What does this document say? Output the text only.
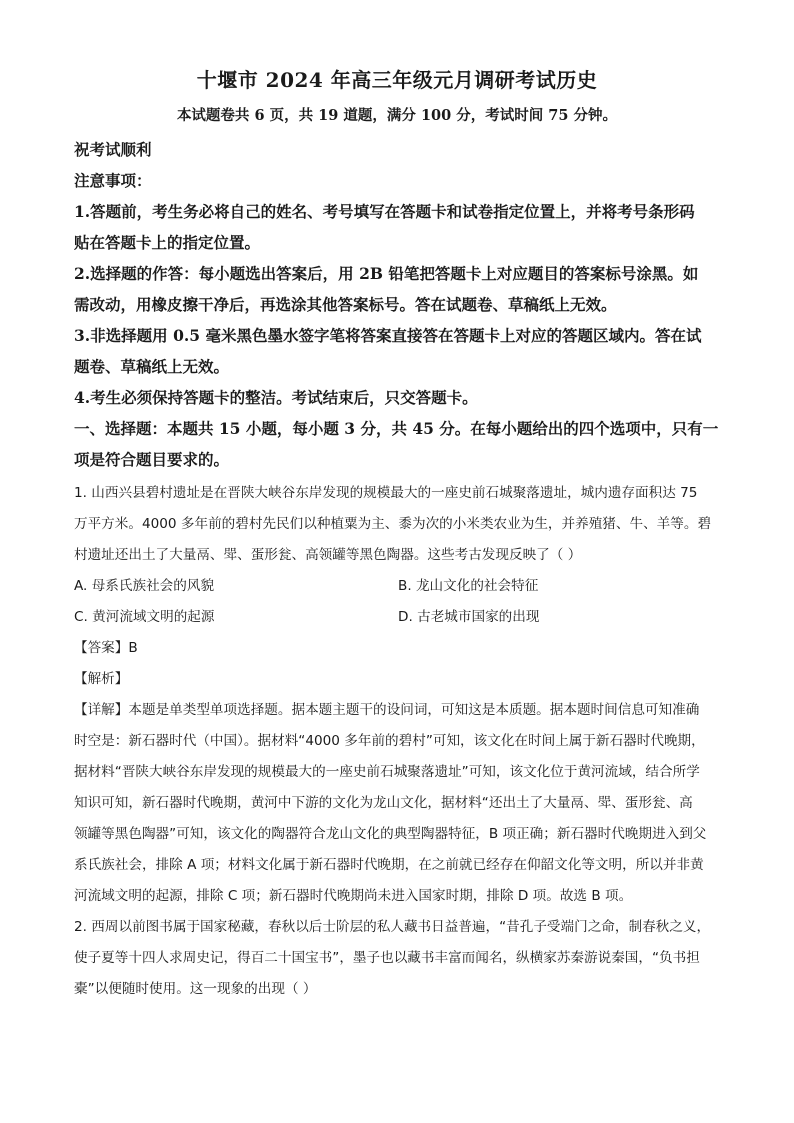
十堰市 2024 年高三年级元月调研考试历史
本试题卷共 6 页，共 19 道题，满分 100 分，考试时间 75 分钟。
祝考试顺利
注意事项：
1.答题前，考生务必将自己的姓名、考号填写在答题卡和试卷指定位置上，并将考号条形码
贴在答题卡上的指定位置。
2.选择题的作答：每小题选出答案后，用 2B 铅笔把答题卡上对应题目的答案标号涂黑。如
需改动，用橡皮擦干净后，再选涂其他答案标号。答在试题卷、草稿纸上无效。
3.非选择题用 0.5 毫米黑色墨水签字笔将答案直接答在答题卡上对应的答题区域内。答在试
题卷、草稿纸上无效。
4.考生必须保持答题卡的整洁。考试结束后，只交答题卡。
一、选择题：本题共 15 小题，每小题 3 分，共 45 分。在每小题给出的四个选项中，只有一
项是符合题目要求的。
1. 山西兴县碧村遗址是在晋陕大峡谷东岸发现的规模最大的一座史前石城聚落遗址，城内遗存面积达 75
万平方米。4000 多年前的碧村先民们以种植粟为主、黍为次的小米类农业为生，并养殖猪、牛、羊等。碧
村遗址还出土了大量鬲、斝、蛋形瓮、高领罐等黑色陶器。这些考古发现反映了（ ）
A. 母系氏族社会的风貌	B. 龙山文化的社会特征
C. 黄河流域文明的起源	D. 古老城市国家的出现
【答案】B
【解析】
【详解】本题是单类型单项选择题。据本题主题干的设问词，可知这是本质题。据本题时间信息可知准确
时空是：新石器时代（中国）。据材料“4000 多年前的碧村”可知，该文化在时间上属于新石器时代晚期，
据材料“晋陕大峡谷东岸发现的规模最大的一座史前石城聚落遗址”可知，该文化位于黄河流域，结合所学
知识可知，新石器时代晚期，黄河中下游的文化为龙山文化，据材料“还出土了大量鬲、斝、蛋形瓮、高
领罐等黑色陶器”可知，该文化的陶器符合龙山文化的典型陶器特征，B 项正确；新石器时代晚期进入到父
系氏族社会，排除 A 项；材料文化属于新石器时代晚期，在之前就已经存在仰韶文化等文明，所以并非黄
河流域文明的起源，排除 C 项；新石器时代晚期尚未进入国家时期，排除 D 项。故选 B 项。
2. 西周以前图书属于国家秘藏，春秋以后士阶层的私人藏书日益普遍，“昔孔子受端门之命，制春秋之义，
使子夏等十四人求周史记，得百二十国宝书”，墨子也以藏书丰富而闻名，纵横家苏秦游说秦国，“负书担
橐”以便随时使用。这一现象的出现（ ）
